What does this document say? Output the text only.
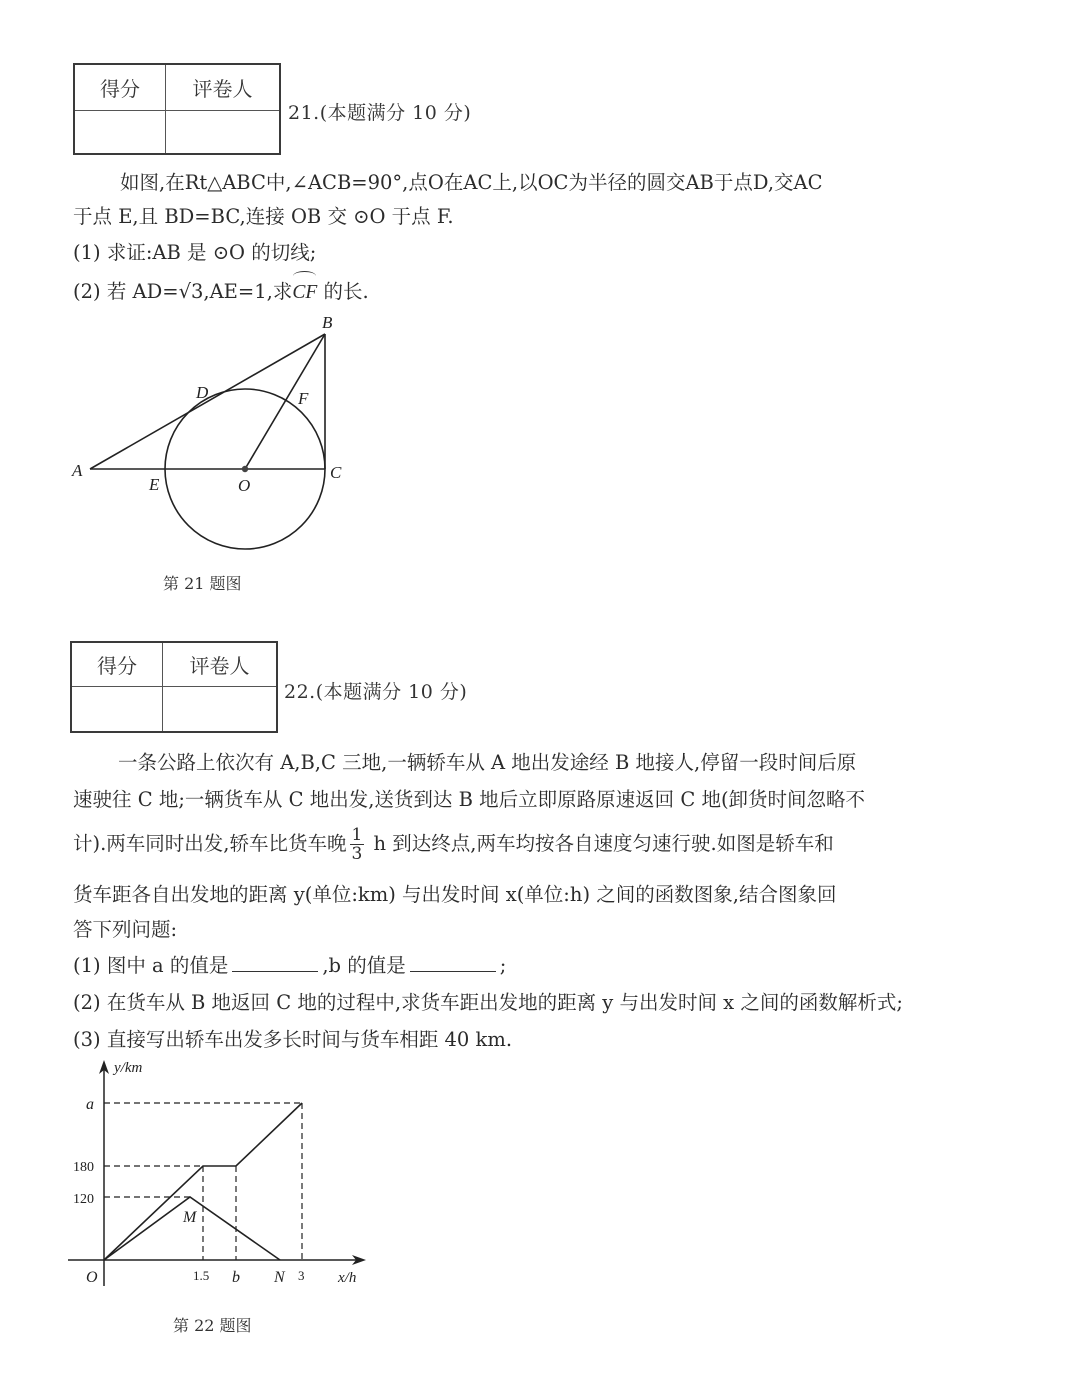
得分	评卷人

21.(本题满分 10 分)
如图,在Rt△ABC中,∠ACB=90°,点O在AC上,以OC为半径的圆交AB于点D,交AC
于点 E,且 BD=BC,连接 OB 交 ⊙O 于点 F.
(1) 求证:AB 是 ⊙O 的切线;
(2) 若 AD=√3,AE=1,求CF 的长.
B
D	F
A	C
E	O
第 21 题图
得分	评卷人

22.(本题满分 10 分)
一条公路上依次有 A,B,C 三地,一辆轿车从 A 地出发途经 B 地接人,停留一段时间后原
速驶往 C 地;一辆货车从 C 地出发,送货到达 B 地后立即原路原速返回 C 地(卸货时间忽略不
计).两车同时出发,轿车比货车晚 $\frac{1}{3}$ h 到达终点,两车均按各自速度匀速行驶.如图是轿车和
货车距各自出发地的距离 y(单位:km) 与出发时间 x(单位:h) 之间的函数图象,结合图象回
答下列问题:
(1) 图中 a 的值是	,b 的值是	;
(2) 在货车从 B 地返回 C 地的过程中,求货车距出发地的距离 y 与出发时间 x 之间的函数解析式;
(3) 直接写出轿车出发多长时间与货车相距 40 km.
y/km
a
180
120
M
O	1.5 b N 3 x/h
第 22 题图
